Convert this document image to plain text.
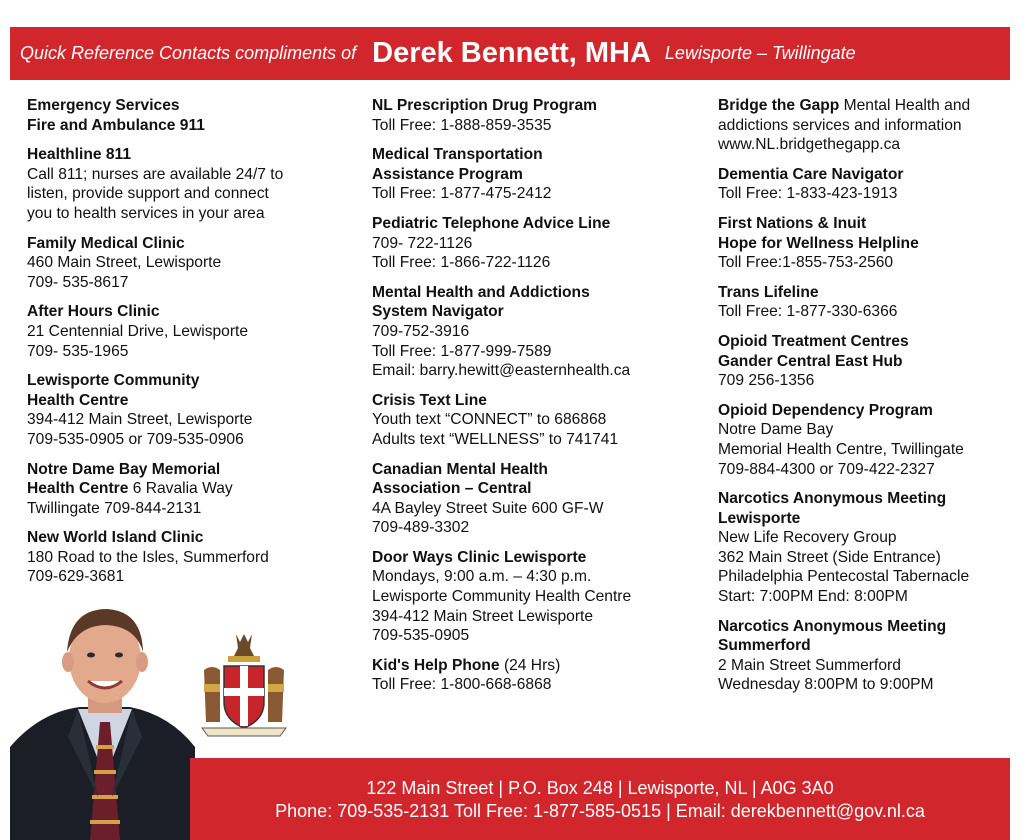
Quick Reference Contacts compliments of Derek Bennett, MHA Lewisporte – Twillingate
Emergency Services
Fire and Ambulance 911
Healthline 811
Call 811; nurses are available 24/7 to
listen, provide support and connect
you to health services in your area
Family Medical Clinic
460 Main Street, Lewisporte
709- 535-8617
After Hours Clinic
21 Centennial Drive, Lewisporte
709- 535-1965
Lewisporte Community
Health Centre
394-412 Main Street, Lewisporte
709-535-0905 or 709-535-0906
Notre Dame Bay Memorial
Health Centre 6 Ravalia Way
Twillingate 709-844-2131
New World Island Clinic
180 Road to the Isles, Summerford
709-629-3681
NL Prescription Drug Program
Toll Free: 1-888-859-3535
Medical Transportation
Assistance Program
Toll Free: 1-877-475-2412
Pediatric Telephone Advice Line
709- 722-1126
Toll Free: 1-866-722-1126
Mental Health and Addictions
System Navigator
709-752-3916
Toll Free: 1-877-999-7589
Email: barry.hewitt@easternhealth.ca
Crisis Text Line
Youth text “CONNECT” to 686868
Adults text “WELLNESS” to 741741
Canadian Mental Health
Association – Central
4A Bayley Street Suite 600 GF-W
709-489-3302
Door Ways Clinic Lewisporte
Mondays, 9:00 a.m. – 4:30 p.m.
Lewisporte Community Health Centre
394-412 Main Street Lewisporte
709-535-0905
Kid's Help Phone (24 Hrs)
Toll Free: 1-800-668-6868
Bridge the Gapp Mental Health and
addictions services and information
www.NL.bridgethegapp.ca
Dementia Care Navigator
Toll Free: 1-833-423-1913
First Nations & Inuit
Hope for Wellness Helpline
Toll Free:1-855-753-2560
Trans Lifeline
Toll Free: 1-877-330-6366
Opioid Treatment Centres
Gander Central East Hub
709 256-1356
Opioid Dependency Program
Notre Dame Bay
Memorial Health Centre, Twillingate
709-884-4300 or 709-422-2327
Narcotics Anonymous Meeting
Lewisporte
New Life Recovery Group
362 Main Street (Side Entrance)
Philadelphia Pentecostal Tabernacle
Start: 7:00PM End: 8:00PM
Narcotics Anonymous Meeting
Summerford
2 Main Street Summerford
Wednesday 8:00PM to 9:00PM
122 Main Street | P.O. Box 248 | Lewisporte, NL | A0G 3A0
Phone: 709-535-2131 Toll Free: 1-877-585-0515 | Email: derekbennett@gov.nl.ca
